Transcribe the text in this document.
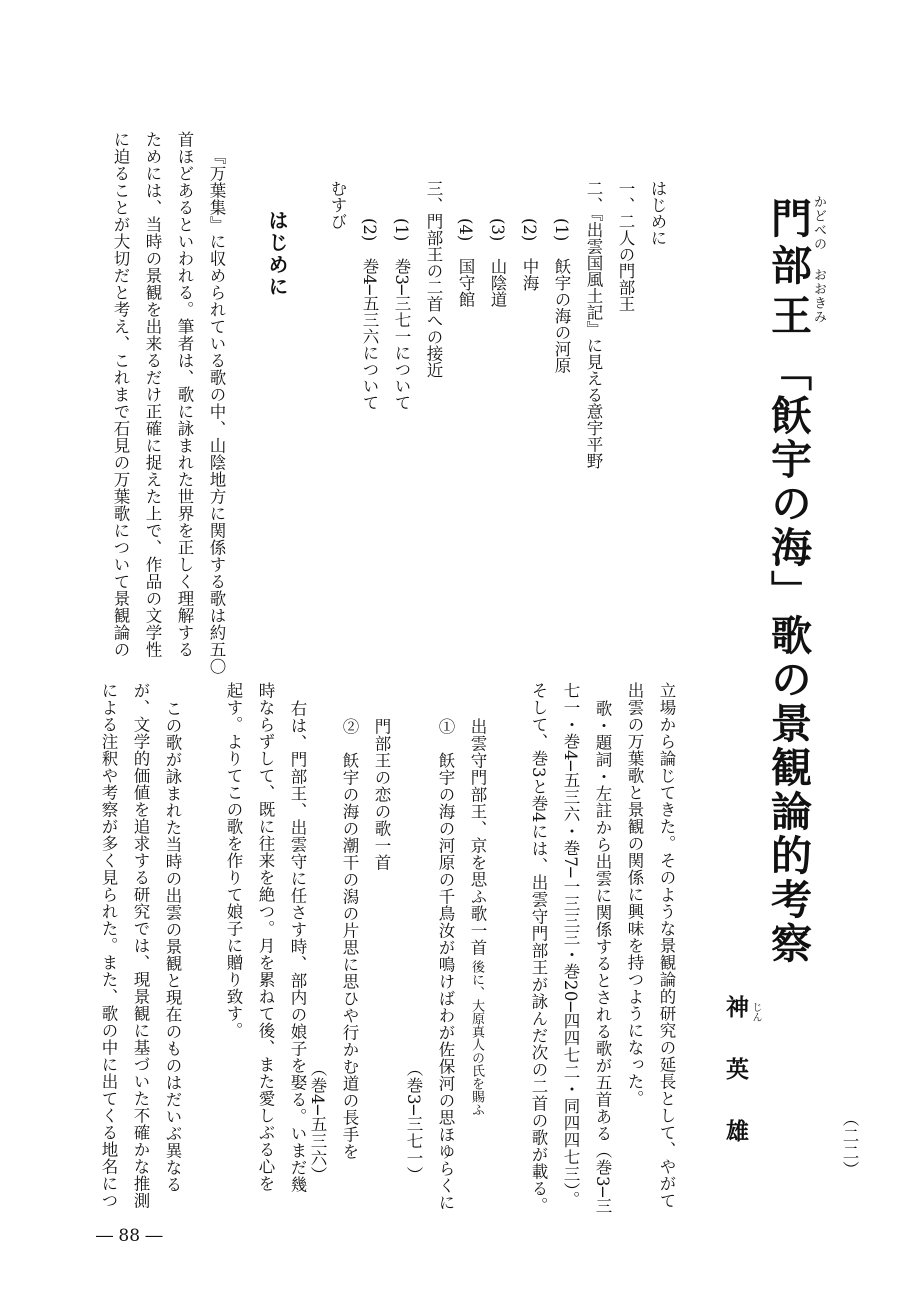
門 かどべの
部
王 おおきみ
「飫宇の海」歌の景観論的考察
神　英　雄 じん
はじめに
一、二人の門部王
二、『出雲国風土記』に見える意宇平野
(1)　飫宇の海の河原
(2)　中海
(3)　山陰道
(4)　国守館
三、門部王の二首への接近
(1)　巻3─三七一について
(2)　巻4─五三六について
むすび
はじめに
『万葉集』に収められている歌の中、山陰地方に関係する歌は約五〇
首ほどあるといわれる。筆者は、歌に詠まれた世界を正しく理解する
ためには、当時の景観を出来るだけ正確に捉えた上で、作品の文学性
に迫ることが大切だと考え、これまで石見の万葉歌について景観論の
立場から論じてきた。そのような景観論的研究の延長として、やがて
出雲の万葉歌と景観の関係に興味を持つようになった。
歌・題詞・左註から出雲に関係するとされる歌が五首ある（巻3─三
七一・巻4─五三六・巻7─一三三三・巻20─四四七二・同四四七三）。
そして、巻3と巻4には、出雲守門部王が詠んだ次の二首の歌が載る。
出雲守門部王、京を思ふ歌一首
後に、大原真人の氏を賜ふ
①　飫宇の海の河原の千鳥汝が鳴けばわが佐保河の思ほゆらくに
（巻3─三七一）
門部王の恋の歌一首
②　飫宇の海の潮干の潟の片思に思ひや行かむ道の長手を
（巻4─五三六）
右は、門部王、出雲守に任さす時、部内の娘子を娶る。いまだ幾
時ならずして、既に往来を絶つ。月を累ねて後、また愛しぶる心を
起す。よりてこの歌を作りて娘子に贈り致す。
この歌が詠まれた当時の出雲の景観と現在のものはだいぶ異なる
が、文学的価値を追求する研究では、現景観に基づいた不確かな推測
による注釈や考察が多く見られた。また、歌の中に出てくる地名につ
― 88 ―
（二二）
